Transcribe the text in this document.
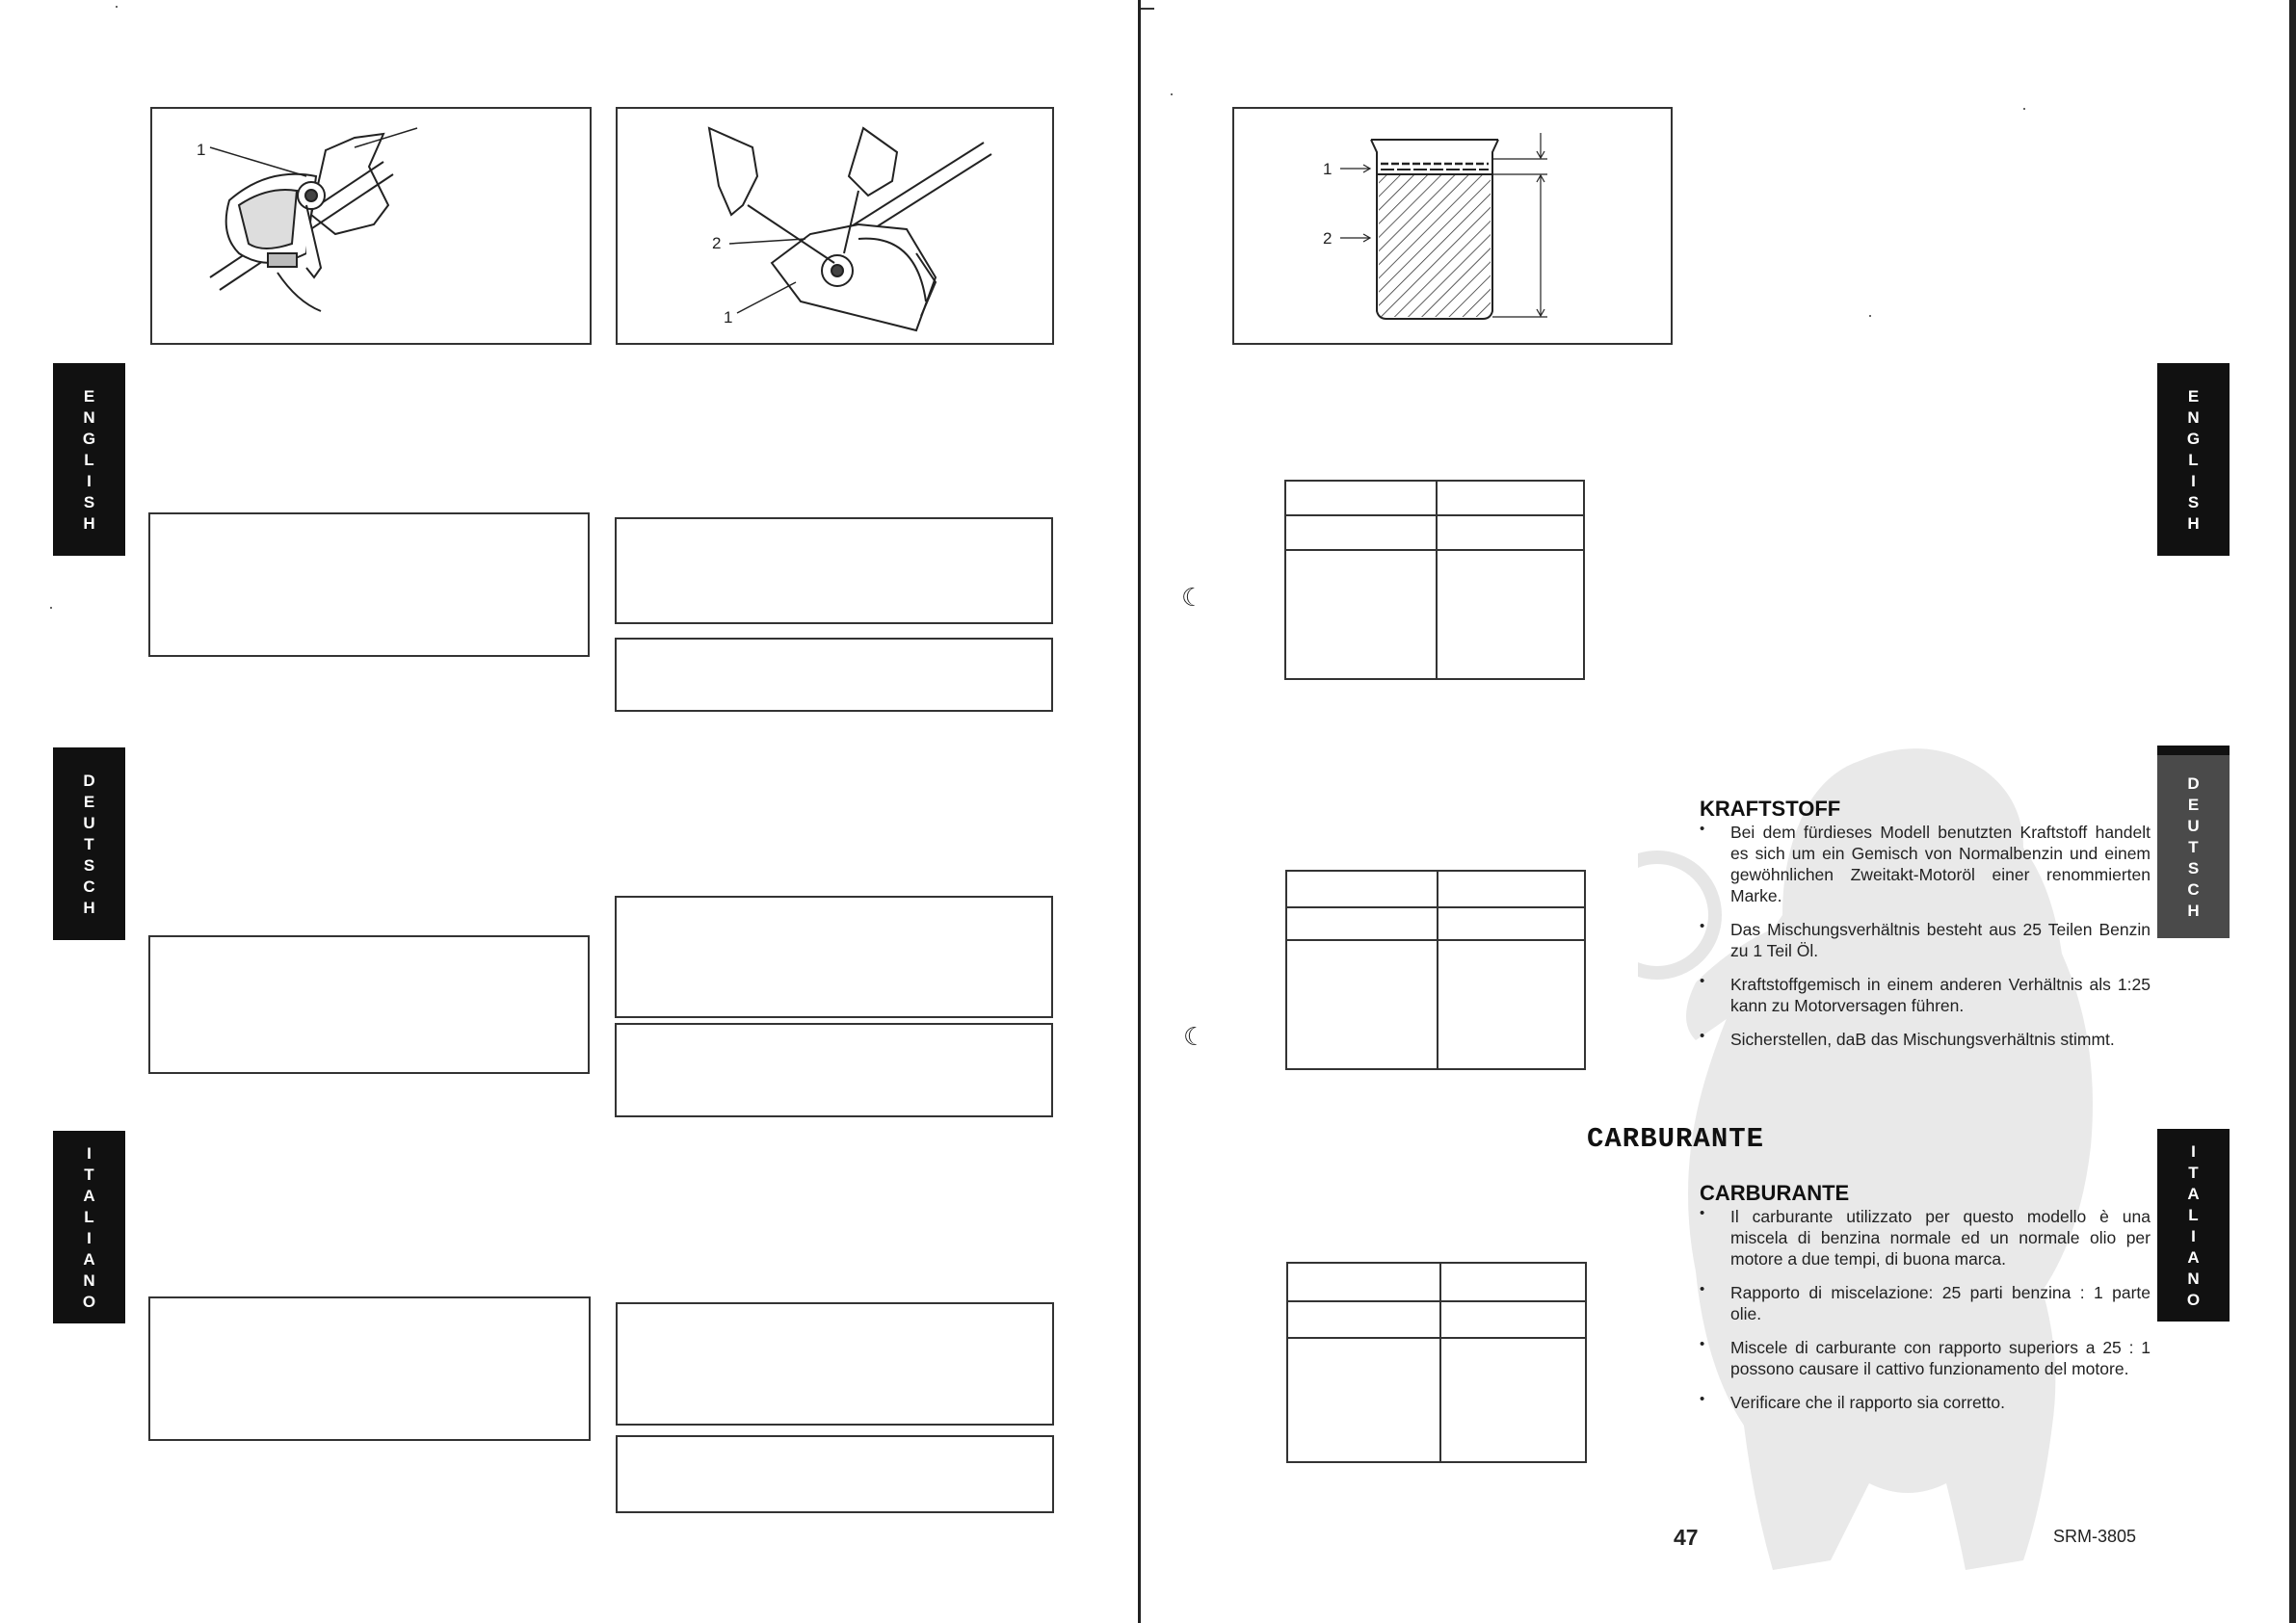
E
N
G
L
I
S
H
D
E
U
T
S
C
H
I
T
A
L
I
A
N
O
1
2
1
E
N
G
L
I
S
H
D
E
U
T
S
C
H
I
T
A
L
I
A
N
O
1
2
☾
☾
KRAFTSTOFF
• Bei dem fürdieses Modell benutzten Kraftstoff handelt es sich um ein Gemisch von Normalbenzin und einem gewöhnlichen Zweitakt-Motoröl einer renommierten Marke.
• Das Mischungsverhältnis besteht aus 25 Teilen Benzin zu 1 Teil Öl.
• Kraftstoffgemisch in einem anderen Verhältnis als 1:25 kann zu Motorversagen führen.
• Sicherstellen, daB das Mischungsverhältnis stimmt.
CARBURANTE
CARBURANTE
• Il carburante utilizzato per questo modello è una miscela di benzina normale ed un normale olio per motore a due tempi, di buona marca.
• Rapporto di miscelazione: 25 parti benzina : 1 parte olie.
• Miscele di carburante con rapporto superiors a 25 : 1 possono causare il cattivo funzionamento del motore.
• Verificare che il rapporto sia corretto.
47	SRM-3805
